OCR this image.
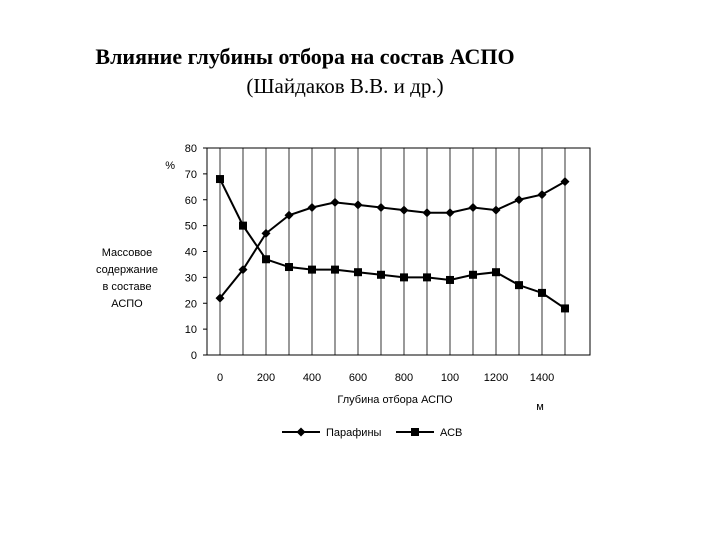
Влияние глубины отбора на состав АСПО
(Шайдаков В.В. и др.)
0
10
20
30
40
50
60
70
80
0	200	400	600	800	100 1200 1400
%
Массовое
содержание
в составе
АСПО
Глубина отбора АСПО
м
Парафины	АСВ
